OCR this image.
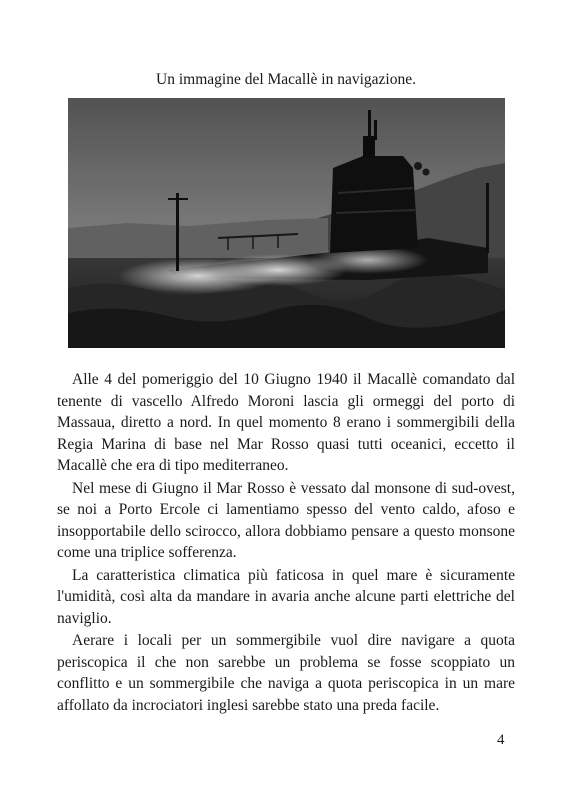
Un immagine del Macallè in navigazione.

Alle 4 del pomeriggio del 10 Giugno 1940 il Macallè comandato dal tenente di vascello Alfredo Moroni lascia gli ormeggi del porto di Massaua, diretto a nord. In quel momento 8 erano i sommergibili della Regia Marina di base nel Mar Rosso quasi tutti oceanici, eccetto il Macallè che era di tipo mediterraneo.

Nel mese di Giugno il Mar Rosso è vessato dal monsone di sud-ovest, se noi a Porto Ercole ci lamentiamo spesso del vento caldo, afoso e insopportabile dello scirocco, allora dobbiamo pensare a questo monsone come una triplice sofferenza.

La caratteristica climatica più faticosa in quel mare è sicuramente l'umidità, così alta da mandare in avaria anche alcune parti elettriche del naviglio.

Aerare i locali per un sommergibile vuol dire navigare a quota periscopica il che non sarebbe un problema se fosse scoppiato un conflitto e un sommergibile che naviga a quota periscopica in un mare affollato da incrociatori inglesi sarebbe stato una preda facile.

4
